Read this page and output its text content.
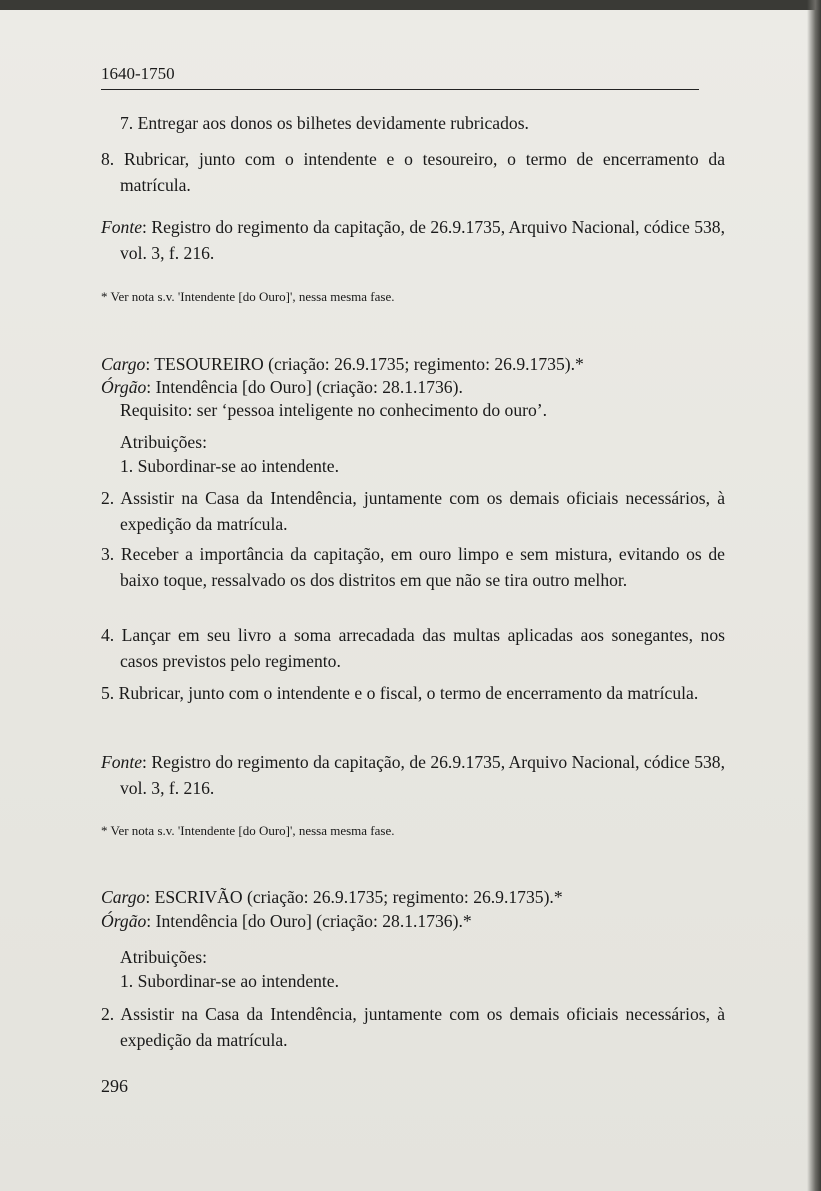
1640-1750
7. Entregar aos donos os bilhetes devidamente rubricados.
8. Rubricar, junto com o intendente e o tesoureiro, o termo de encerramento da matrícula.
Fonte: Registro do regimento da capitação, de 26.9.1735, Arquivo Nacional, códice 538, vol. 3, f. 216.
* Ver nota s.v. 'Intendente [do Ouro]', nessa mesma fase.
Cargo: TESOUREIRO (criação: 26.9.1735; regimento: 26.9.1735).*
Órgão: Intendência [do Ouro] (criação: 28.1.1736).
Requisito: ser ‘pessoa inteligente no conhecimento do ouro’.
Atribuições:
1. Subordinar-se ao intendente.
2. Assistir na Casa da Intendência, juntamente com os demais oficiais necessários, à expedição da matrícula.
3. Receber a importância da capitação, em ouro limpo e sem mistura, evitando os de baixo toque, ressalvado os dos distritos em que não se tira outro melhor.
4. Lançar em seu livro a soma arrecadada das multas aplicadas aos sonegantes, nos casos previstos pelo regimento.
5. Rubricar, junto com o intendente e o fiscal, o termo de encerramento da matrícula.
Fonte: Registro do regimento da capitação, de 26.9.1735, Arquivo Nacional, códice 538, vol. 3, f. 216.
* Ver nota s.v. 'Intendente [do Ouro]', nessa mesma fase.
Cargo: ESCRIVÃO (criação: 26.9.1735; regimento: 26.9.1735).*
Órgão: Intendência [do Ouro] (criação: 28.1.1736).*
Atribuições:
1. Subordinar-se ao intendente.
2. Assistir na Casa da Intendência, juntamente com os demais oficiais necessários, à expedição da matrícula.
296
